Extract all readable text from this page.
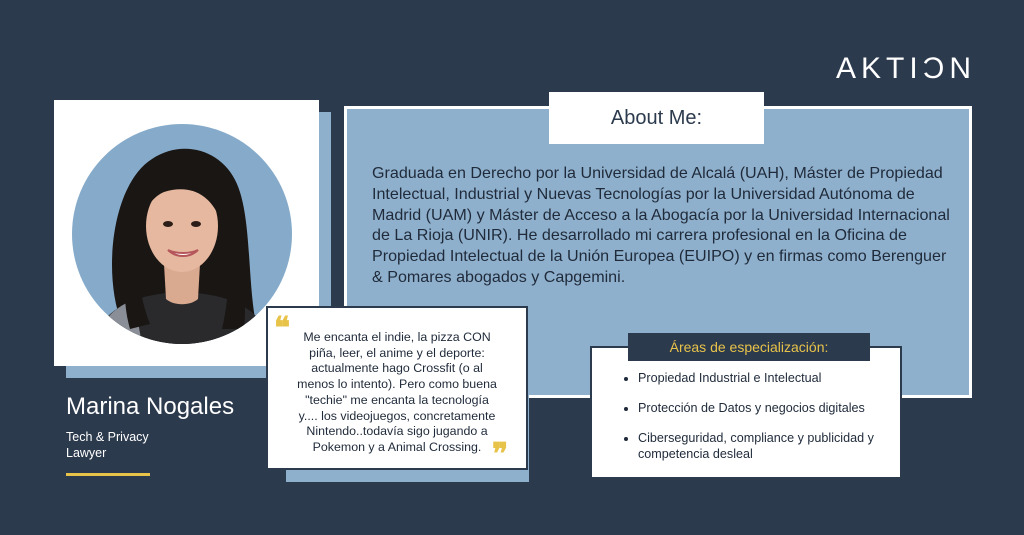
AKTIϽN
About Me:
Graduada en Derecho por la Universidad de Alcalá (UAH), Máster de Propiedad Intelectual, Industrial y Nuevas Tecnologías por la Universidad Autónoma de Madrid (UAM) y Máster de Acceso a la Abogacía por la Universidad Internacional de La Rioja (UNIR). He desarrollado mi carrera profesional en la Oficina de Propiedad Intelectual de la Unión Europea (EUIPO) y en firmas como Berenguer & Pomares abogados y Capgemini.
❝	Me encanta el indie, la pizza CON piña, leer, el anime y el deporte: actualmente hago Crossfit (o al menos lo intento). Pero como buena "techie" me encanta la tecnología y.... los videojuegos, concretamente Nintendo..todavía sigo jugando a Pokemon y a Animal Crossing. ❞
Áreas de especialización:
• Propiedad Industrial e Intelectual
• Protección de Datos y negocios digitales
• Ciberseguridad, compliance y publicidad y competencia desleal
Marina Nogales
Tech & Privacy Lawyer
